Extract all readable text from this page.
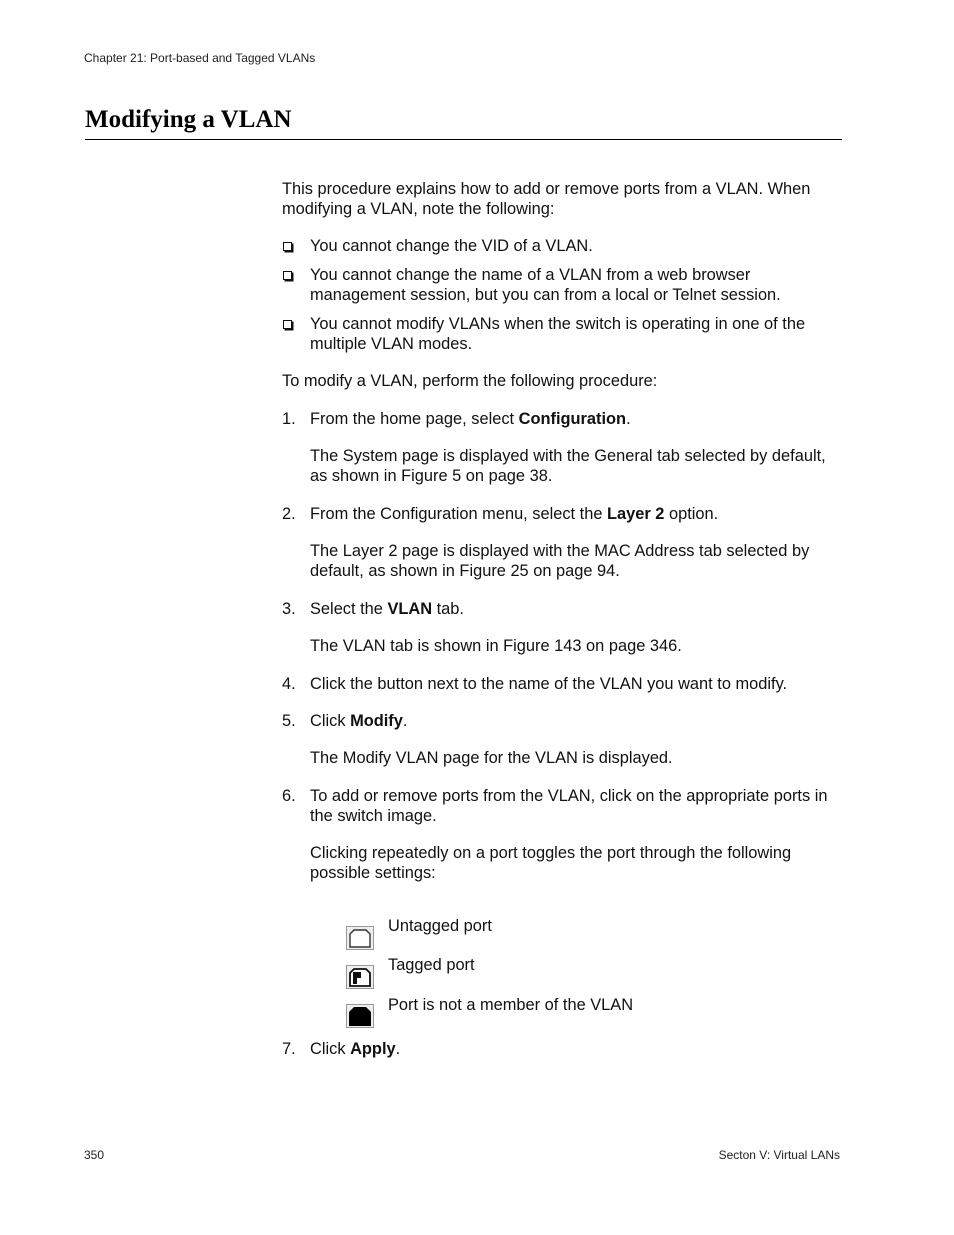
Chapter 21: Port-based and Tagged VLANs
Modifying a VLAN

This procedure explains how to add or remove ports from a VLAN. When modifying a VLAN, note the following:

You cannot change the VID of a VLAN.
You cannot change the name of a VLAN from a web browser management session, but you can from a local or Telnet session.
You cannot modify VLANs when the switch is operating in one of the multiple VLAN modes.

To modify a VLAN, perform the following procedure:

1. From the home page, select Configuration.

The System page is displayed with the General tab selected by default, as shown in Figure 5 on page 38.

2. From the Configuration menu, select the Layer 2 option.

The Layer 2 page is displayed with the MAC Address tab selected by default, as shown in Figure 25 on page 94.

3. Select the VLAN tab.

The VLAN tab is shown in Figure 143 on page 346.

4. Click the button next to the name of the VLAN you want to modify.

5. Click Modify.

The Modify VLAN page for the VLAN is displayed.

6. To add or remove ports from the VLAN, click on the appropriate ports in the switch image.

Clicking repeatedly on a port toggles the port through the following possible settings:

Untagged port
Tagged port
Port is not a member of the VLAN
7. Click Apply.

350	Secton V: Virtual LANs
